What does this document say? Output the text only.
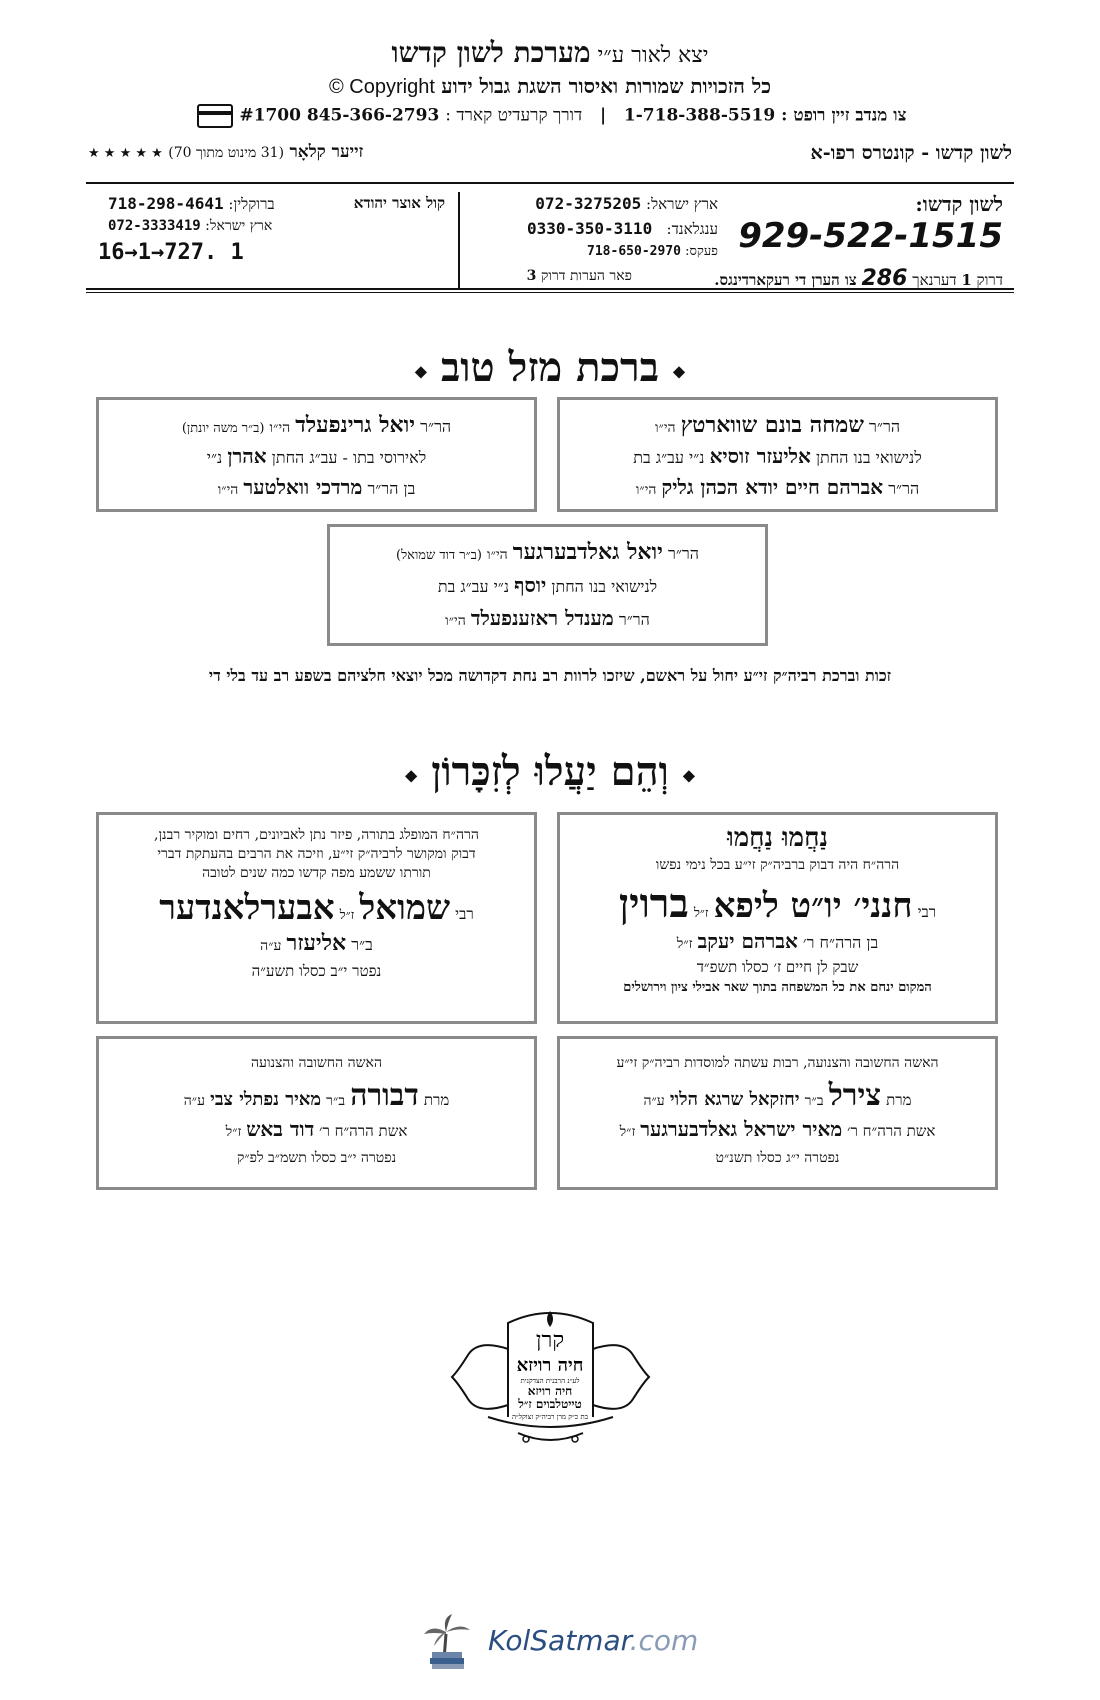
יצא לאור ע״י מערכת לשון קדשו
כל הזכויות שמורות ואיסור השגת גבול ידוע Copyright ©
צו מנדב זיין רופט : 1-718-388-5519   |   דורך קרעדיט קארד : 845-366-2793 #1700
לשון קדשו - קונטרס רפו-א
זייער קלאָר (31 מינוט מתוך 70) ★ ★ ★ ★ ★
לשון קדשו:
929-522-1515
דרוק 1 דערנאך 286 צו הערן די רעקארדינגס.
ארץ ישראל: 072-3275205
ענגלאנד:   0330-350-3110
פעקס: 718-650-2970
פאר הערות דרוק 3
קול אוצר יהודא
ברוקלין: 718-298-4641
ארץ ישראל: 072-3333419
16→1→727. 1
◆ ברכת מזל טוב ◆
הר״ר שמחה בונם שווארטץ הי״ו
לנישואי בנו החתן אליעזר זוסיא נ״י עב״ג בת
הר״ר אברהם חיים יודא הכהן גליק הי״ו
הר״ר יואל גרינפעלד הי״ו (ב״ר משה יונתן)
לאירוסי בתו - עב״ג החתן אהרן נ״י
בן הר״ר מרדכי וואלטער הי״ו
הר״ר יואל גאלדבערגער הי״ו (ב״ר דוד שמואל)
לנישואי בנו החתן יוסף נ״י עב״ג בת
הר״ר מענדל ראזענפעלד הי״ו
זכות וברכת רביה״ק זי״ע יחול על ראשם, שיזכו לרוות רב נחת דקדושה מכל יוצאי חלציהם בשפע רב עד בלי די
◆ וְהֵם יַעֲלוּ לְזִכָּרוֹן ◆
נַחֲמוּ נַחֲמוּ
הרה״ח היה דבוק ברביה״ק זי״ע בכל נימי נפשו
רבי חנני׳ יו״ט ליפא ז״ל ברוין
בן הרה״ח ר׳ אברהם יעקב ז״ל
שבק לן חיים ז׳ כסלו תשפ״ד
המקום ינחם את כל המשפחה בתוך שאר אבילי ציון וירושלים
הרה״ח המופלג בתורה, פיזר נתן לאביונים, רחים ומוקיר רבנן,
דבוק ומקושר לרביה״ק זי״ע, וזיכה את הרבים בהעתקת דברי
תורתו ששמע מפה קדשו כמה שנים לטובה
רבי שמואל ז״ל אבערלאנדער
ב״ר אליעזר ע״ה
נפטר י״ב כסלו תשע״ה
האשה החשובה והצנועה, רבות עשתה למוסדות רביה״ק זי״ע
מרת צירל ב״ר יחזקאל שרגא הלוי ע״ה
אשת הרה״ח ר׳ מאיר ישראל גאלדבערגער ז״ל
נפטרה י״ג כסלו תשנ״ט
האשה החשובה והצנועה
מרת דבורה ב״ר מאיר נפתלי צבי ע״ה
אשת הרה״ח ר׳ דוד באש ז״ל
נפטרה י״ב כסלו תשמ״ב לפ״ק
קרן
חיה רויזא
לע״נ הרבנית הצדקנית
חיה רויזא
טייטלבוים ז״ל
בת כ״ק מרן רביה״ק זצוקל״ה
KolSatmar.com
